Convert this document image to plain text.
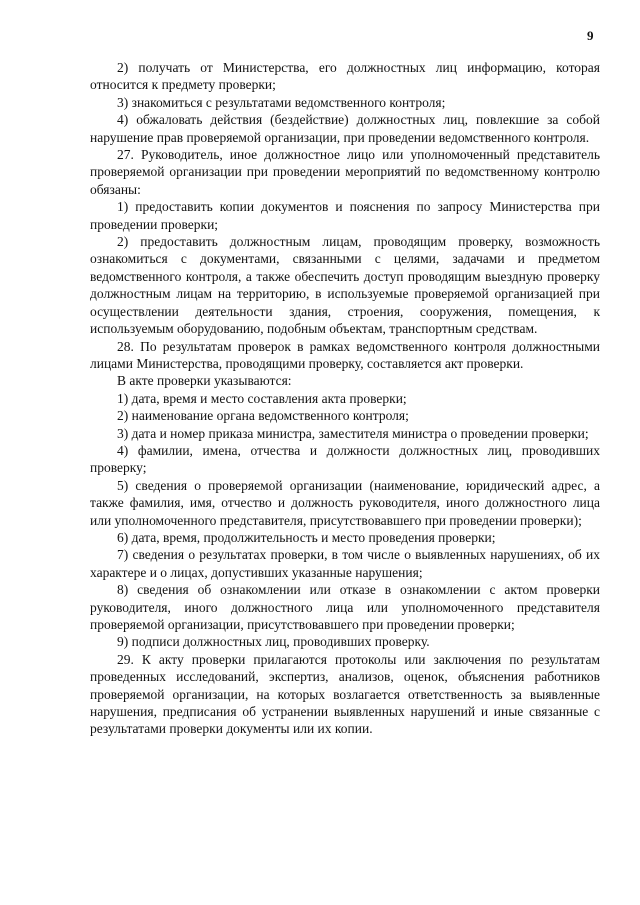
9

2) получать от Министерства, его должностных лиц информацию, которая относится к предмету проверки;

3) знакомиться с результатами ведомственного контроля;

4) обжаловать действия (бездействие) должностных лиц, повлекшие за собой нарушение прав проверяемой организации, при проведении ведомственного контроля.

27. Руководитель, иное должностное лицо или уполномоченный представитель проверяемой организации при проведении мероприятий по ведомственному контролю обязаны:

1) предоставить копии документов и пояснения по запросу Министерства при проведении проверки;

2) предоставить должностным лицам, проводящим проверку, возможность ознакомиться с документами, связанными с целями, задачами и предметом ведомственного контроля, а также обеспечить доступ проводящим выездную проверку должностным лицам на территорию, в используемые проверяемой организацией при осуществлении деятельности здания, строения, сооружения, помещения, к используемым оборудованию, подобным объектам, транспортным средствам.

28. По результатам проверок в рамках ведомственного контроля должностными лицами Министерства, проводящими проверку, составляется акт проверки.

В акте проверки указываются:

1) дата, время и место составления акта проверки;

2) наименование органа ведомственного контроля;

3) дата и номер приказа министра, заместителя министра о проведении проверки;

4) фамилии, имена, отчества и должности должностных лиц, проводивших проверку;

5) сведения о проверяемой организации (наименование, юридический адрес, а также фамилия, имя, отчество и должность руководителя, иного должностного лица или уполномоченного представителя, присутствовавшего при проведении проверки);

6) дата, время, продолжительность и место проведения проверки;

7) сведения о результатах проверки, в том числе о выявленных нарушениях, об их характере и о лицах, допустивших указанные нарушения;

8) сведения об ознакомлении или отказе в ознакомлении с актом проверки руководителя, иного должностного лица или уполномоченного представителя проверяемой организации, присутствовавшего при проведении проверки;

9) подписи должностных лиц, проводивших проверку.

29. К акту проверки прилагаются протоколы или заключения по результатам проведенных исследований, экспертиз, анализов, оценок, объяснения работников проверяемой организации, на которых возлагается ответственность за выявленные нарушения, предписания об устранении выявленных нарушений и иные связанные с результатами проверки документы или их копии.
